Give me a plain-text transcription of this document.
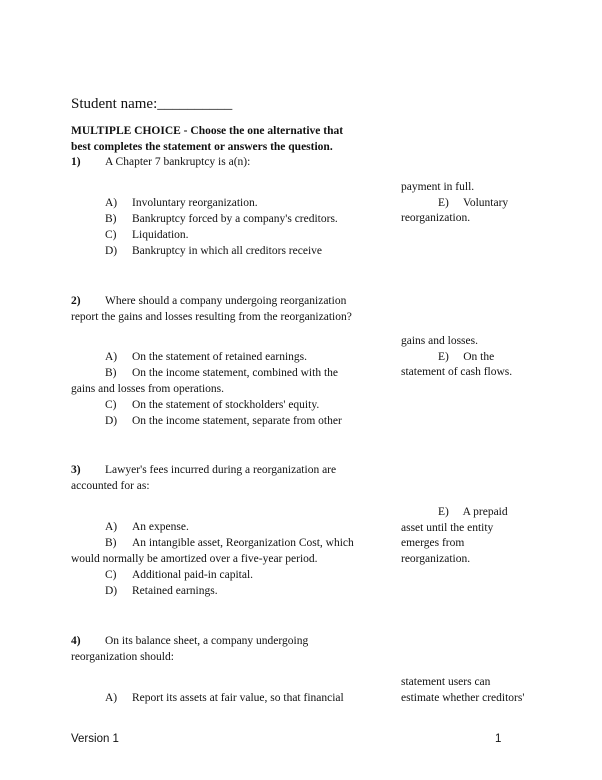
Student name:__________
MULTIPLE CHOICE - Choose the one alternative that
best completes the statement or answers the question.
1) A Chapter 7 bankruptcy is a(n):
A) Involuntary reorganization.
B) Bankruptcy forced by a company's creditors.
C) Liquidation.
D) Bankruptcy in which all creditors receive
payment in full.
E)     Voluntary
reorganization.
2) Where should a company undergoing reorganization
report the gains and losses resulting from the reorganization?
A) On the statement of retained earnings.
B) On the income statement, combined with the
gains and losses from operations.
C) On the statement of stockholders' equity.
D) On the income statement, separate from other
gains and losses.
E)     On the
statement of cash flows.
3) Lawyer's fees incurred during a reorganization are
accounted for as:
A) An expense.
B) An intangible asset, Reorganization Cost, which
would normally be amortized over a five-year period.
C) Additional paid-in capital.
D) Retained earnings.
E)     A prepaid
asset until the entity
emerges from
reorganization.
4) On its balance sheet, a company undergoing
reorganization should:
A) Report its assets at fair value, so that financial
statement users can
estimate whether creditors'
Version 1	1
